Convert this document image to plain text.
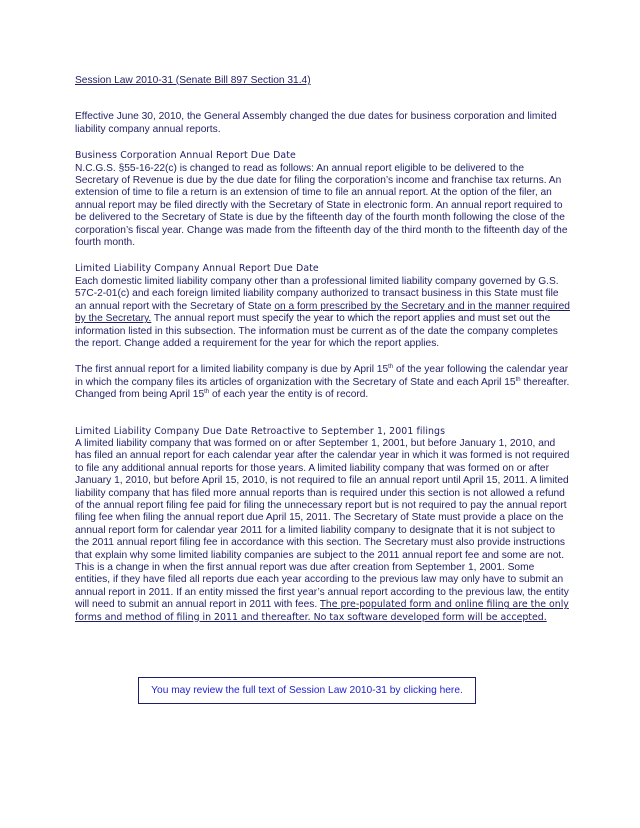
Session Law 2010-31 (Senate Bill 897 Section 31.4)

Effective June 30, 2010, the General Assembly changed the due dates for business corporation and limited liability company annual reports.

Business Corporation Annual Report Due Date

N.C.G.S. §55-16-22(c) is changed to read as follows: An annual report eligible to be delivered to the Secretary of Revenue is due by the due date for filing the corporation’s income and franchise tax returns. An extension of time to file a return is an extension of time to file an annual report. At the option of the filer, an annual report may be filed directly with the Secretary of State in electronic form. An annual report required to be delivered to the Secretary of State is due by the fifteenth day of the fourth month following the close of the corporation’s fiscal year. Change was made from the fifteenth day of the third month to the fifteenth day of the fourth month.

Limited Liability Company Annual Report Due Date

Each domestic limited liability company other than a professional limited liability company governed by G.S. 57C-2-01(c) and each foreign limited liability company authorized to transact business in this State must file an annual report with the Secretary of State on a form prescribed by the Secretary and in the manner required by the Secretary. The annual report must specify the year to which the report applies and must set out the information listed in this subsection. The information must be current as of the date the company completes the report. Change added a requirement for the year for which the report applies.

The first annual report for a limited liability company is due by April 15th of the year following the calendar year in which the company files its articles of organization with the Secretary of State and each April 15th thereafter. Changed from being April 15th of each year the entity is of record.

Limited Liability Company Due Date Retroactive to September 1, 2001 filings

A limited liability company that was formed on or after September 1, 2001, but before January 1, 2010, and has filed an annual report for each calendar year after the calendar year in which it was formed is not required to file any additional annual reports for those years. A limited liability company that was formed on or after January 1, 2010, but before April 15, 2010, is not required to file an annual report until April 15, 2011. A limited liability company that has filed more annual reports than is required under this section is not allowed a refund of the annual report filing fee paid for filing the unnecessary report but is not required to pay the annual report filing fee when filing the annual report due April 15, 2011. The Secretary of State must provide a place on the annual report form for calendar year 2011 for a limited liability company to designate that it is not subject to the 2011 annual report filing fee in accordance with this section. The Secretary must also provide instructions that explain why some limited liability companies are subject to the 2011 annual report fee and some are not.

This is a change in when the first annual report was due after creation from September 1, 2001. Some entities, if they have filed all reports due each year according to the previous law may only have to submit an annual report in 2011. If an entity missed the first year’s annual report according to the previous law, the entity will need to submit an annual report in 2011 with fees. The pre-populated form and online filing are the only forms and method of filing in 2011 and thereafter. No tax software developed form will be accepted.

You may review the full text of Session Law 2010-31 by clicking here.
